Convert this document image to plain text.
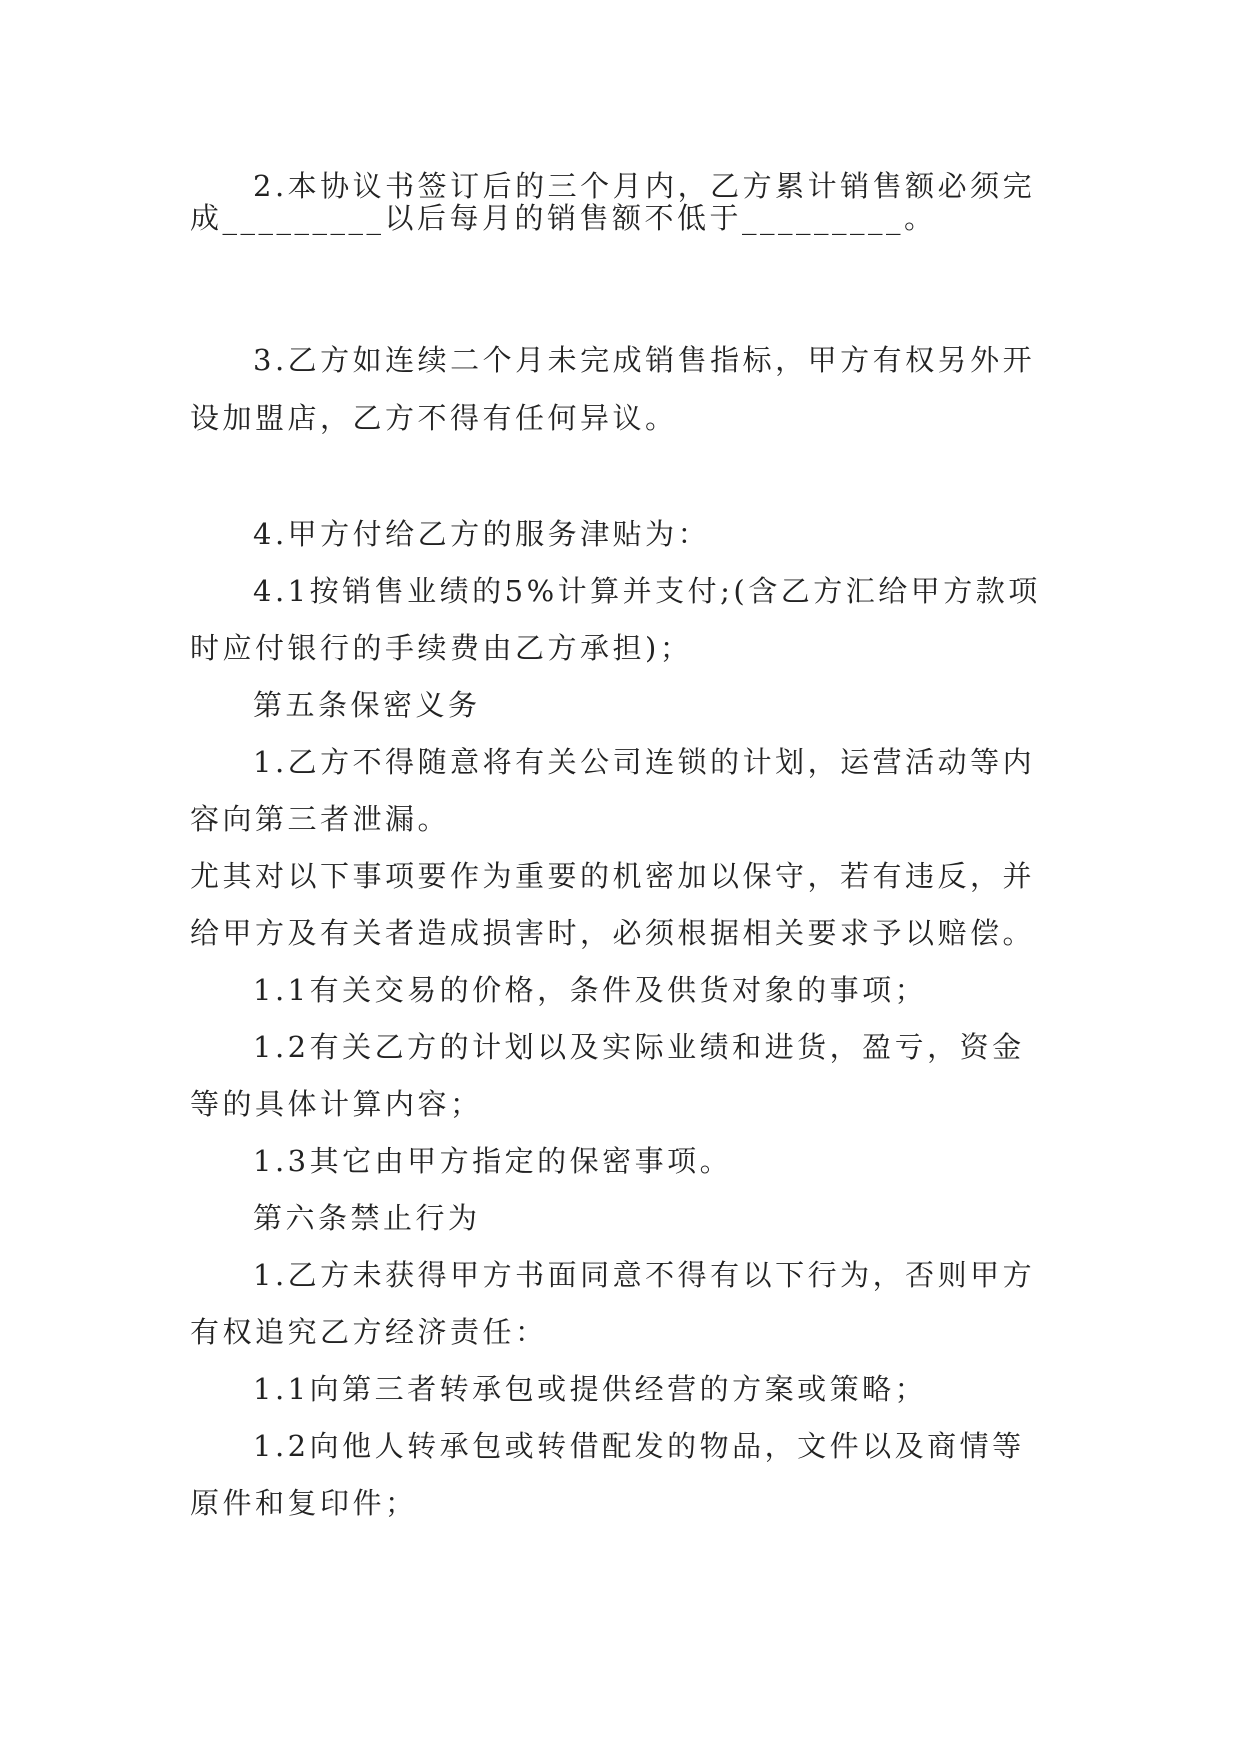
2.本协议书签订后的三个月内，乙方累计销售额必须完
成_________以后每月的销售额不低于_________。
3.乙方如连续二个月未完成销售指标，甲方有权另外开
设加盟店，乙方不得有任何异议。
4.甲方付给乙方的服务津贴为：
4.1按销售业绩的5%计算并支付;(含乙方汇给甲方款项
时应付银行的手续费由乙方承担)；
第五条保密义务
1.乙方不得随意将有关公司连锁的计划，运营活动等内
容向第三者泄漏。
尤其对以下事项要作为重要的机密加以保守，若有违反，并
给甲方及有关者造成损害时，必须根据相关要求予以赔偿。
1.1有关交易的价格，条件及供货对象的事项；
1.2有关乙方的计划以及实际业绩和进货，盈亏，资金
等的具体计算内容；
1.3其它由甲方指定的保密事项。
第六条禁止行为
1.乙方未获得甲方书面同意不得有以下行为，否则甲方
有权追究乙方经济责任：
1.1向第三者转承包或提供经营的方案或策略；
1.2向他人转承包或转借配发的物品，文件以及商情等
原件和复印件；
